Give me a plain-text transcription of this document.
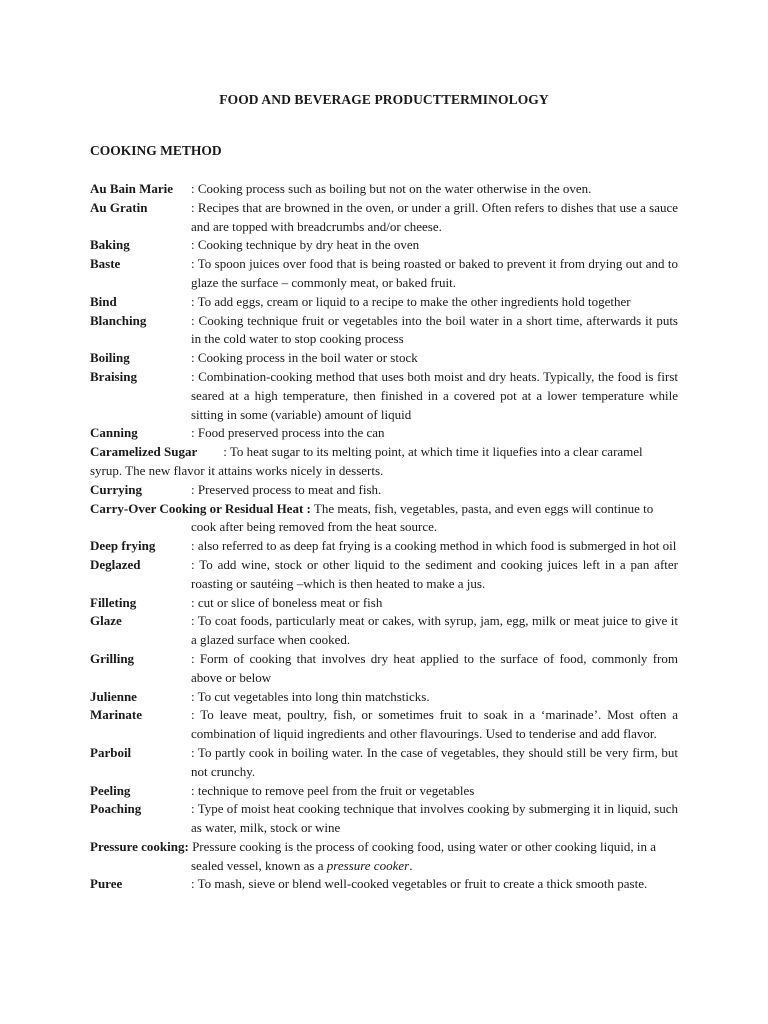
FOOD AND BEVERAGE PRODUCTTERMINOLOGY
COOKING METHOD
Au Bain Marie : Cooking process such as boiling but not on the water otherwise in the oven.
Au Gratin	: Recipes that are browned in the oven, or under a grill. Often refers to dishes that use a sauce and are topped with breadcrumbs and/or cheese.
Baking	: Cooking technique by dry heat in the oven
Baste	: To spoon juices over food that is being roasted or baked to prevent it from drying out and to glaze the surface – commonly meat, or baked fruit.
Bind	: To add eggs, cream or liquid to a recipe to make the other ingredients hold together
Blanching	: Cooking technique fruit or vegetables into the boil water in a short time, afterwards it puts in the cold water to stop cooking process
Boiling	: Cooking process in the boil water or stock
Braising	: Combination-cooking method that uses both moist and dry heats. Typically, the food is first seared at a high temperature, then finished in a covered pot at a lower temperature while sitting in some (variable) amount of liquid
Canning	: Food preserved process into the can
Caramelized Sugar : To heat sugar to its melting point, at which time it liquefies into a clear caramel syrup. The new flavor it attains works nicely in desserts.
Currying	: Preserved process to meat and fish.
Carry-Over Cooking or Residual Heat : The meats, fish, vegetables, pasta, and even eggs will continue to cook after being removed from the heat source.
Deep frying	: also referred to as deep fat frying is a cooking method in which food is submerged in hot oil
Deglazed	: To add wine, stock or other liquid to the sediment and cooking juices left in a pan after roasting or sautéing –which is then heated to make a jus.
Filleting	: cut or slice of boneless meat or fish
Glaze	: To coat foods, particularly meat or cakes, with syrup, jam, egg, milk or meat juice to give it a glazed surface when cooked.
Grilling	: Form of cooking that involves dry heat applied to the surface of food, commonly from above or below
Julienne	: To cut vegetables into long thin matchsticks.
Marinate	: To leave meat, poultry, fish, or sometimes fruit to soak in a ‘marinade’. Most often a combination of liquid ingredients and other flavourings. Used to tenderise and add flavor.
Parboil	: To partly cook in boiling water. In the case of vegetables, they should still be very firm, but not crunchy.
Peeling	: technique to remove peel from the fruit or vegetables
Poaching	: Type of moist heat cooking technique that involves cooking by submerging it in liquid, such as water, milk, stock or wine
Pressure cooking: Pressure cooking is the process of cooking food, using water or other cooking liquid, in a sealed vessel, known as a pressure cooker.
Puree	: To mash, sieve or blend well-cooked vegetables or fruit to create a thick smooth paste.
